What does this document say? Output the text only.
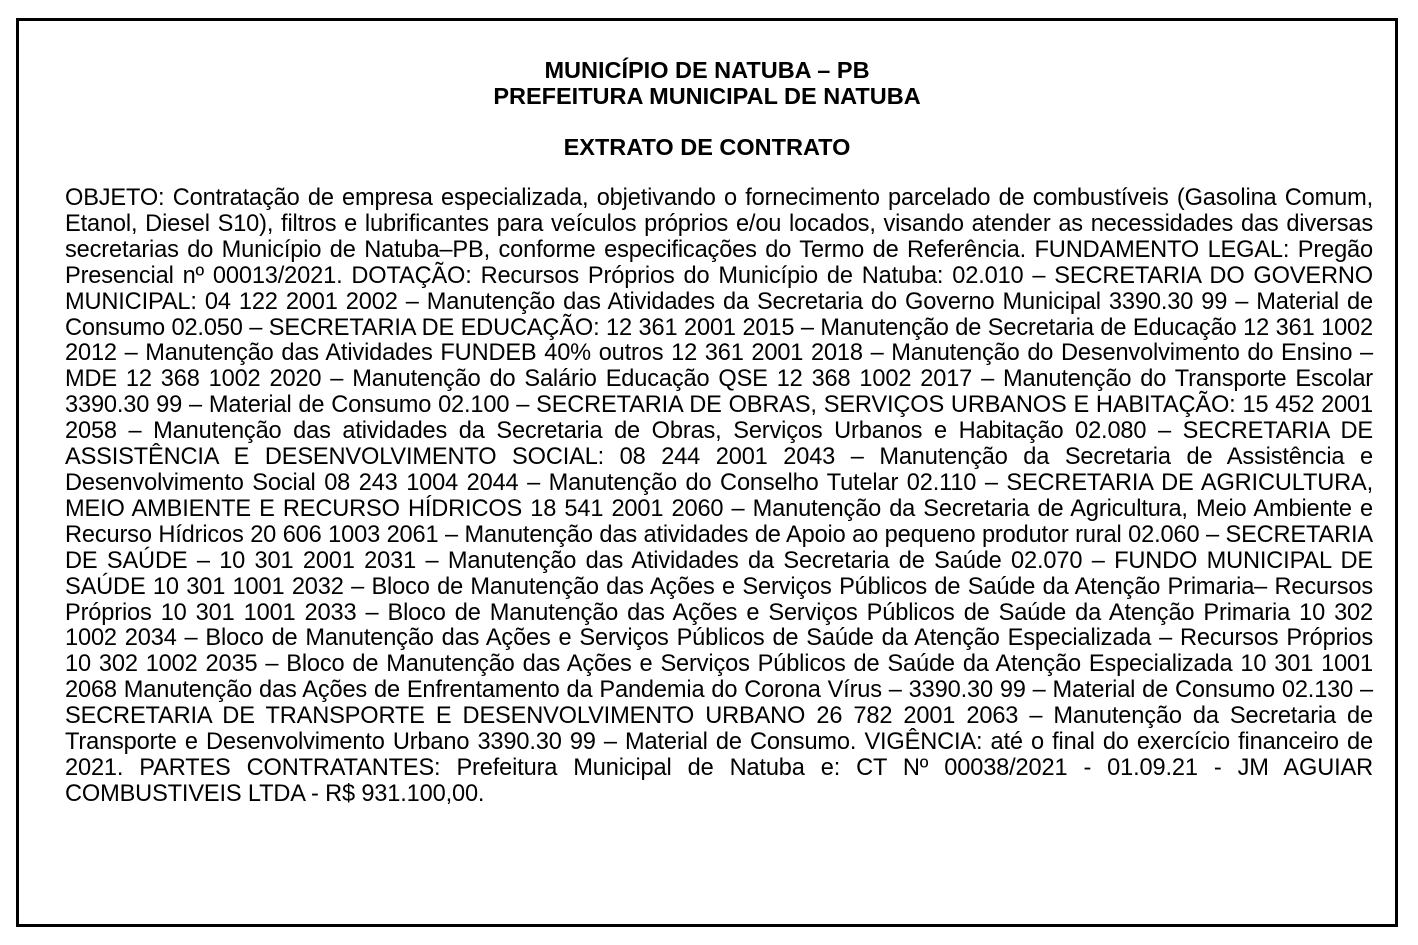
MUNICÍPIO DE NATUBA – PB
PREFEITURA MUNICIPAL DE NATUBA
EXTRATO DE CONTRATO

OBJETO: Contratação de empresa especializada, objetivando o fornecimento parcelado de combustíveis (Gasolina Comum, Etanol, Diesel S10), filtros e lubrificantes para veículos próprios e/ou locados, visando atender as necessidades das diversas secretarias do Município de Natuba–PB, conforme especificações do Termo de Referência. FUNDAMENTO LEGAL: Pregão Presencial nº 00013/2021. DOTAÇÃO: Recursos Próprios do Município de Natuba: 02.010 – SECRETARIA DO GOVERNO MUNICIPAL: 04 122 2001 2002 – Manutenção das Atividades da Secretaria do Governo Municipal 3390.30 99 – Material de Consumo 02.050 – SECRETARIA DE EDUCAÇÃO: 12 361 2001 2015 – Manutenção de Secretaria de Educação 12 361 1002 2012 – Manutenção das Atividades FUNDEB 40% outros 12 361 2001 2018 – Manutenção do Desenvolvimento do Ensino – MDE 12 368 1002 2020 – Manutenção do Salário Educação QSE 12 368 1002 2017 – Manutenção do Transporte Escolar 3390.30 99 – Material de Consumo 02.100 – SECRETARIA DE OBRAS, SERVIÇOS URBANOS E HABITAÇÃO: 15 452 2001 2058 – Manutenção das atividades da Secretaria de Obras, Serviços Urbanos e Habitação 02.080 – SECRETARIA DE ASSISTÊNCIA E DESENVOLVIMENTO SOCIAL: 08 244 2001 2043 – Manutenção da Secretaria de Assistência e Desenvolvimento Social 08 243 1004 2044 – Manutenção do Conselho Tutelar 02.110 – SECRETARIA DE AGRICULTURA, MEIO AMBIENTE E RECURSO HÍDRICOS 18 541 2001 2060 – Manutenção da Secretaria de Agricultura, Meio Ambiente e Recurso Hídricos 20 606 1003 2061 – Manutenção das atividades de Apoio ao pequeno produtor rural 02.060 – SECRETARIA DE SAÚDE – 10 301 2001 2031 – Manutenção das Atividades da Secretaria de Saúde 02.070 – FUNDO MUNICIPAL DE SAÚDE 10 301 1001 2032 – Bloco de Manutenção das Ações e Serviços Públicos de Saúde da Atenção Primaria– Recursos Próprios 10 301 1001 2033 – Bloco de Manutenção das Ações e Serviços Públicos de Saúde da Atenção Primaria 10 302 1002 2034 – Bloco de Manutenção das Ações e Serviços Públicos de Saúde da Atenção Especializada – Recursos Próprios 10 302 1002 2035 – Bloco de Manutenção das Ações e Serviços Públicos de Saúde da Atenção Especializada 10 301 1001 2068 Manutenção das Ações de Enfrentamento da Pandemia do Corona Vírus – 3390.30 99 – Material de Consumo 02.130 – SECRETARIA DE TRANSPORTE E DESENVOLVIMENTO URBANO 26 782 2001 2063 – Manutenção da Secretaria de Transporte e Desenvolvimento Urbano 3390.30 99 – Material de Consumo. VIGÊNCIA: até o final do exercício financeiro de 2021. PARTES CONTRATANTES: Prefeitura Municipal de Natuba e: CT Nº 00038/2021 - 01.09.21 - JM AGUIAR COMBUSTIVEIS LTDA - R$ 931.100,00.
